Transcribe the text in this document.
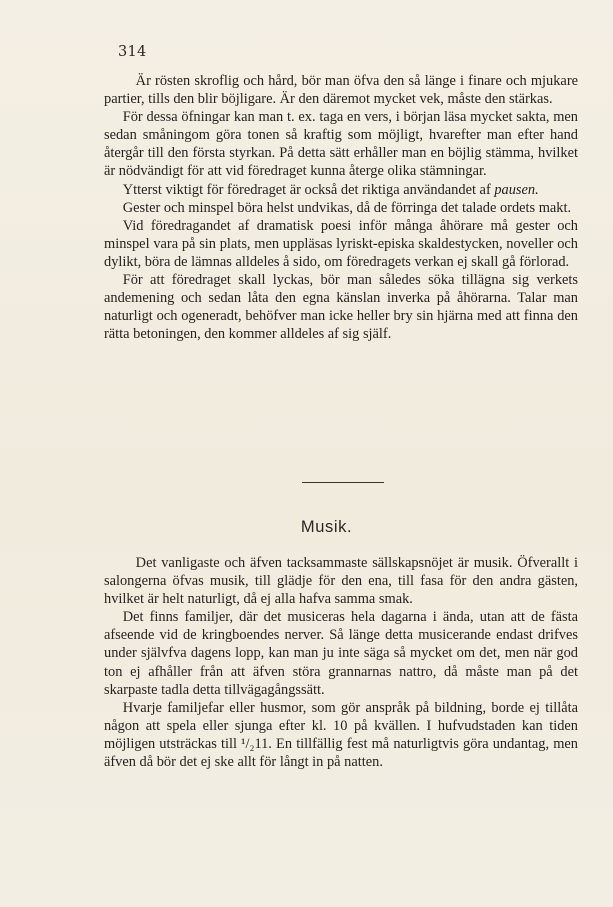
314

Är rösten skroflig och hård, bör man öfva den så länge i finare och mjukare partier, tills den blir böjligare. Är den däremot mycket vek, måste den stärkas.

För dessa öfningar kan man t. ex. taga en vers, i början läsa mycket sakta, men sedan småningom göra tonen så kraftig som möjligt, hvarefter man efter hand återgår till den första styrkan. På detta sätt erhåller man en böjlig stämma, hvilket är nödvändigt för att vid föredraget kunna återge olika stämningar.

Ytterst viktigt för föredraget är också det riktiga användandet af pausen.

Gester och minspel böra helst undvikas, då de förringa det talade ordets makt.

Vid föredragandet af dramatisk poesi inför många åhörare må gester och minspel vara på sin plats, men uppläsas lyriskt-episka skaldestycken, noveller och dylikt, böra de lämnas alldeles å sido, om föredragets verkan ej skall gå förlorad.

För att föredraget skall lyckas, bör man således söka tillägna sig verkets andemening och sedan låta den egna känslan inverka på åhörarna. Talar man naturligt och ogeneradt, behöfver man icke heller bry sin hjärna med att finna den rätta betoningen, den kommer alldeles af sig själf.

Musik.

Det vanligaste och äfven tacksammaste sällskapsnöjet är musik. Öfverallt i salongerna öfvas musik, till glädje för den ena, till fasa för den andra gästen, hvilket är helt naturligt, då ej alla hafva samma smak.

Det finns familjer, där det musiceras hela dagarna i ända, utan att de fästa afseende vid de kringboendes nerver. Så länge detta musicerande endast drifves under självfva dagens lopp, kan man ju inte säga så mycket om det, men när god ton ej afhåller från att äfven störa grannarnas nattro, då måste man på det skarpaste tadla detta tillvägagångssätt.

Hvarje familjefar eller husmor, som gör anspråk på bildning, borde ej tillåta någon att spela eller sjunga efter kl. 10 på kvällen. I hufvudstaden kan tiden möjligen utsträckas till ¹/₂11. En tillfällig fest må naturligtvis göra undantag, men äfven då bör det ej ske allt för långt in på natten.
